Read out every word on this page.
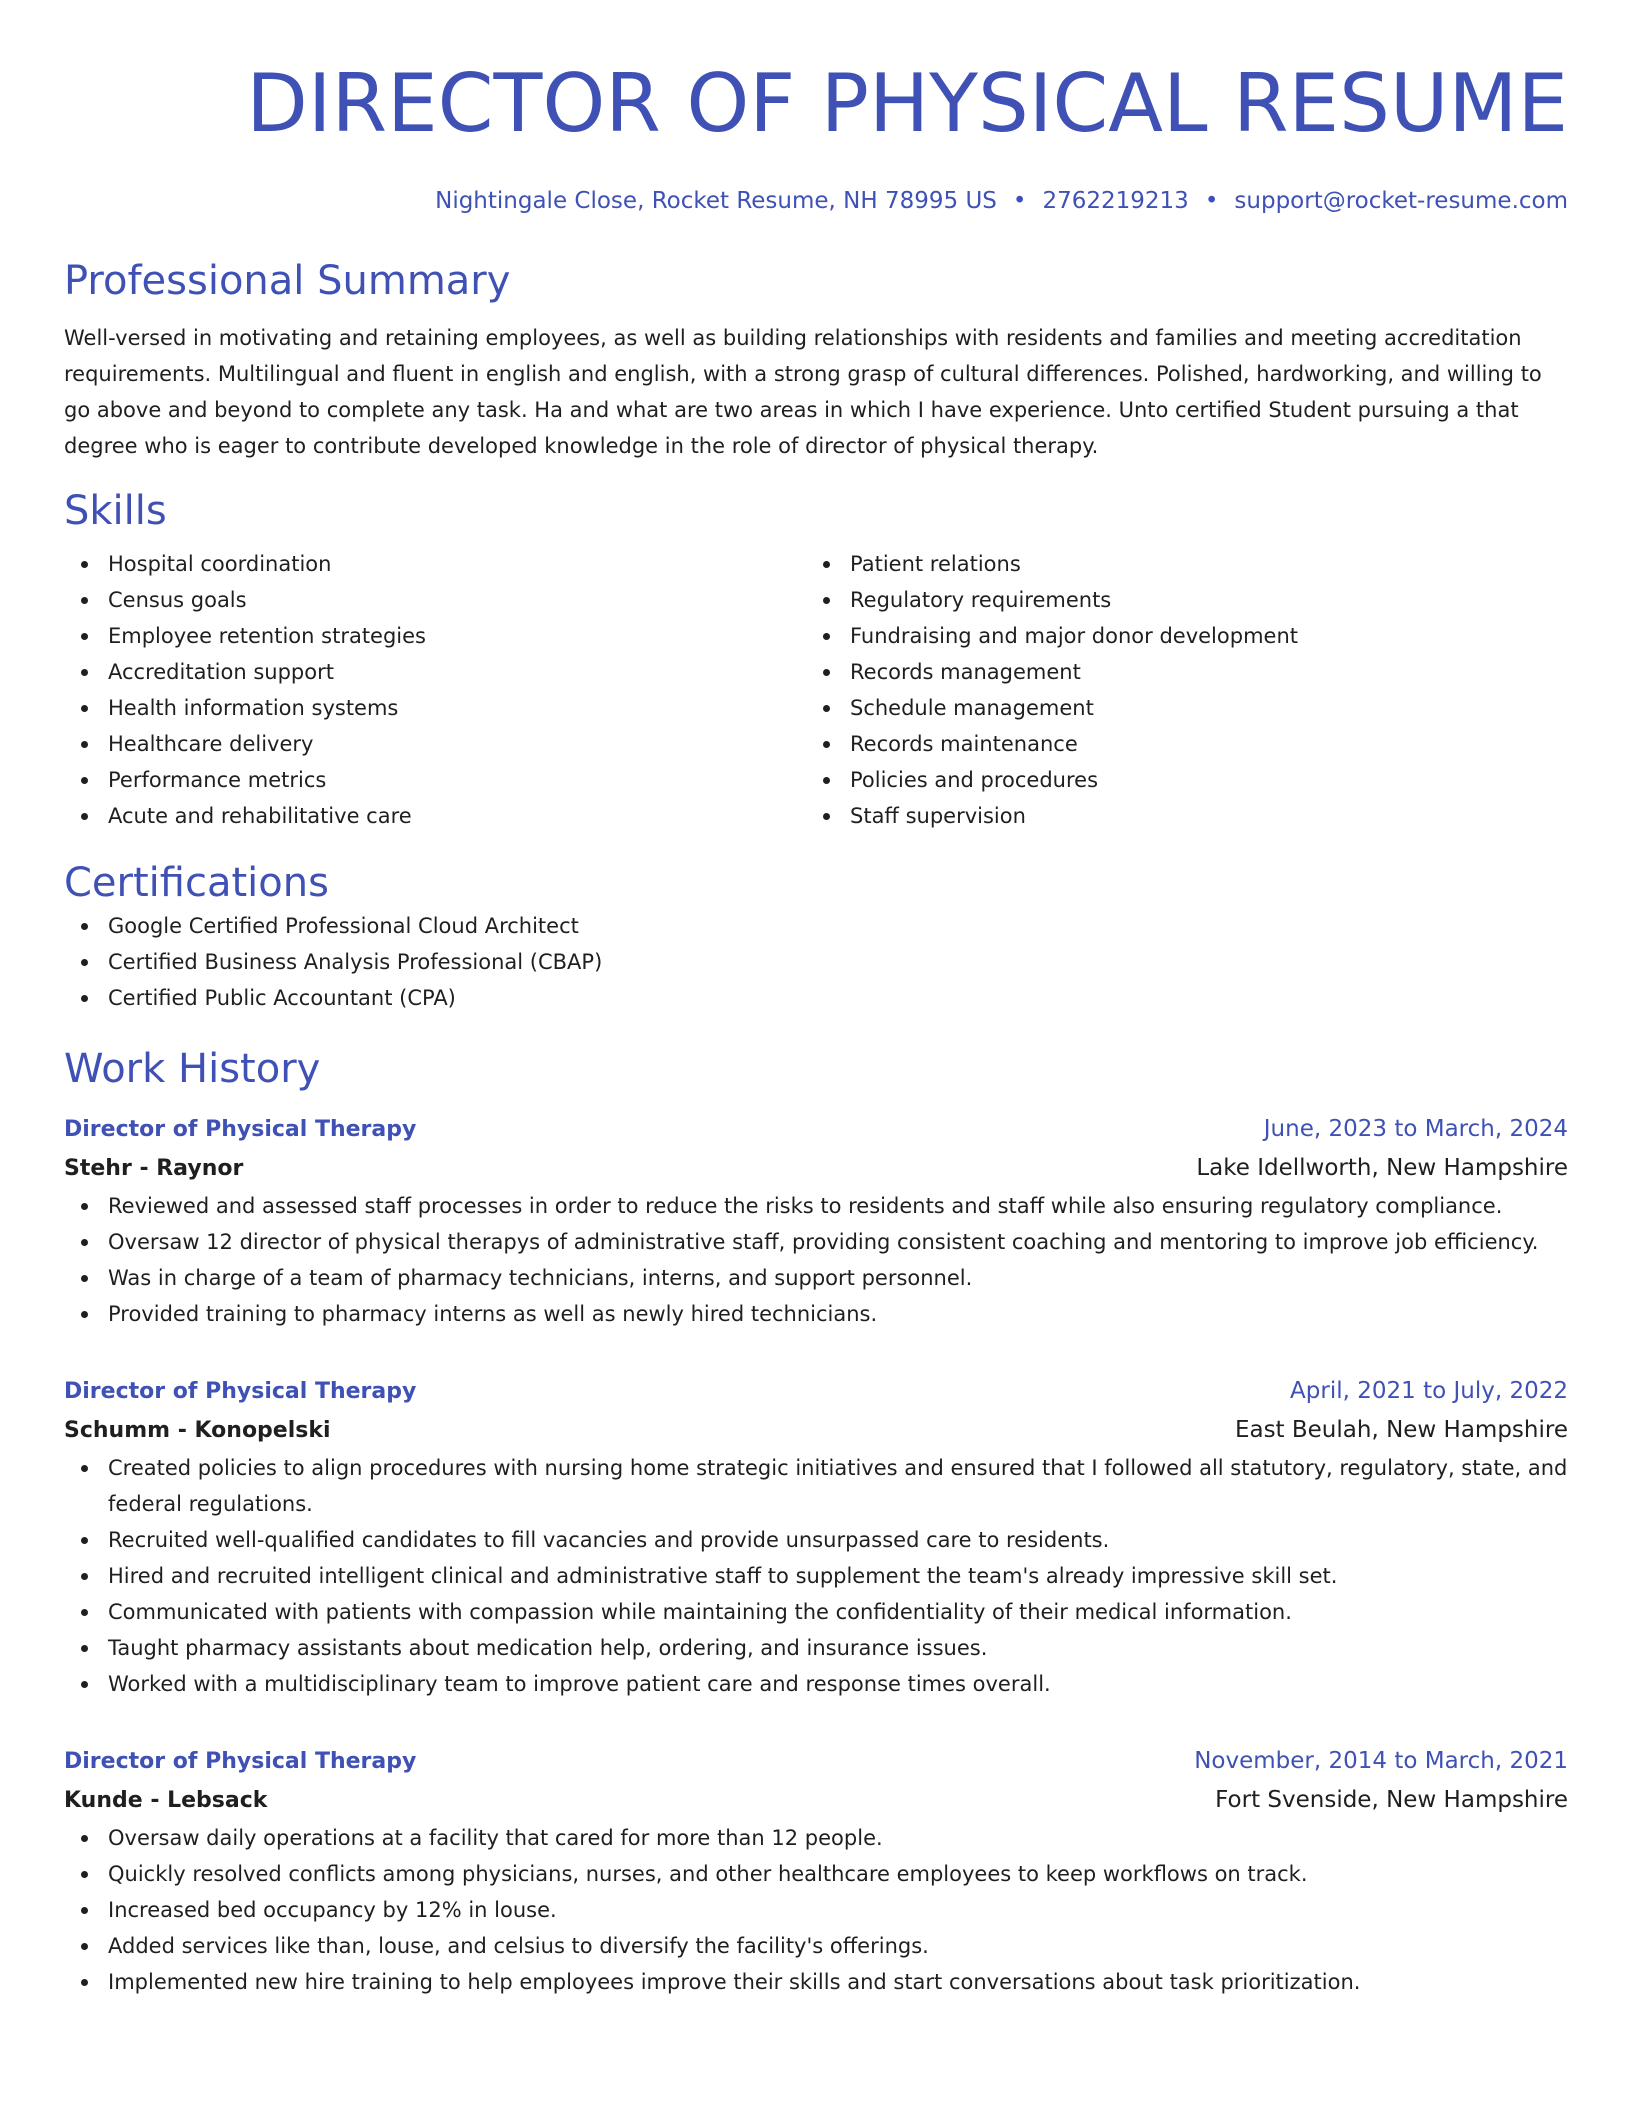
DIRECTOR OF PHYSICAL RESUME
Nightingale Close, Rocket Resume, NH 78995 US • 2762219213 • support@rocket-resume.com
Professional Summary
Well-versed in motivating and retaining employees, as well as building relationships with residents and families and meeting accreditation requirements. Multilingual and fluent in english and english, with a strong grasp of cultural differences. Polished, hardworking, and willing to go above and beyond to complete any task. Ha and what are two areas in which I have experience. Unto certified Student pursuing a that degree who is eager to contribute developed knowledge in the role of director of physical therapy.
Skills
Hospital coordination
Census goals
Employee retention strategies
Accreditation support
Health information systems
Healthcare delivery
Performance metrics
Acute and rehabilitative care
Patient relations
Regulatory requirements
Fundraising and major donor development
Records management
Schedule management
Records maintenance
Policies and procedures
Staff supervision
Certifications
Google Certified Professional Cloud Architect
Certified Business Analysis Professional (CBAP)
Certified Public Accountant (CPA)
Work History
Director of Physical Therapy	June, 2023 to March, 2024
Stehr - Raynor	Lake Idellworth, New Hampshire
Reviewed and assessed staff processes in order to reduce the risks to residents and staff while also ensuring regulatory compliance.
Oversaw 12 director of physical therapys of administrative staff, providing consistent coaching and mentoring to improve job efficiency.
Was in charge of a team of pharmacy technicians, interns, and support personnel.
Provided training to pharmacy interns as well as newly hired technicians.
Director of Physical Therapy	April, 2021 to July, 2022
Schumm - Konopelski	East Beulah, New Hampshire
Created policies to align procedures with nursing home strategic initiatives and ensured that I followed all statutory, regulatory, state, and federal regulations.
Recruited well-qualified candidates to fill vacancies and provide unsurpassed care to residents.
Hired and recruited intelligent clinical and administrative staff to supplement the team's already impressive skill set.
Communicated with patients with compassion while maintaining the confidentiality of their medical information.
Taught pharmacy assistants about medication help, ordering, and insurance issues.
Worked with a multidisciplinary team to improve patient care and response times overall.
Director of Physical Therapy	November, 2014 to March, 2021
Kunde - Lebsack	Fort Svenside, New Hampshire
Oversaw daily operations at a facility that cared for more than 12 people.
Quickly resolved conflicts among physicians, nurses, and other healthcare employees to keep workflows on track.
Increased bed occupancy by 12% in louse.
Added services like than, louse, and celsius to diversify the facility's offerings.
Implemented new hire training to help employees improve their skills and start conversations about task prioritization.
